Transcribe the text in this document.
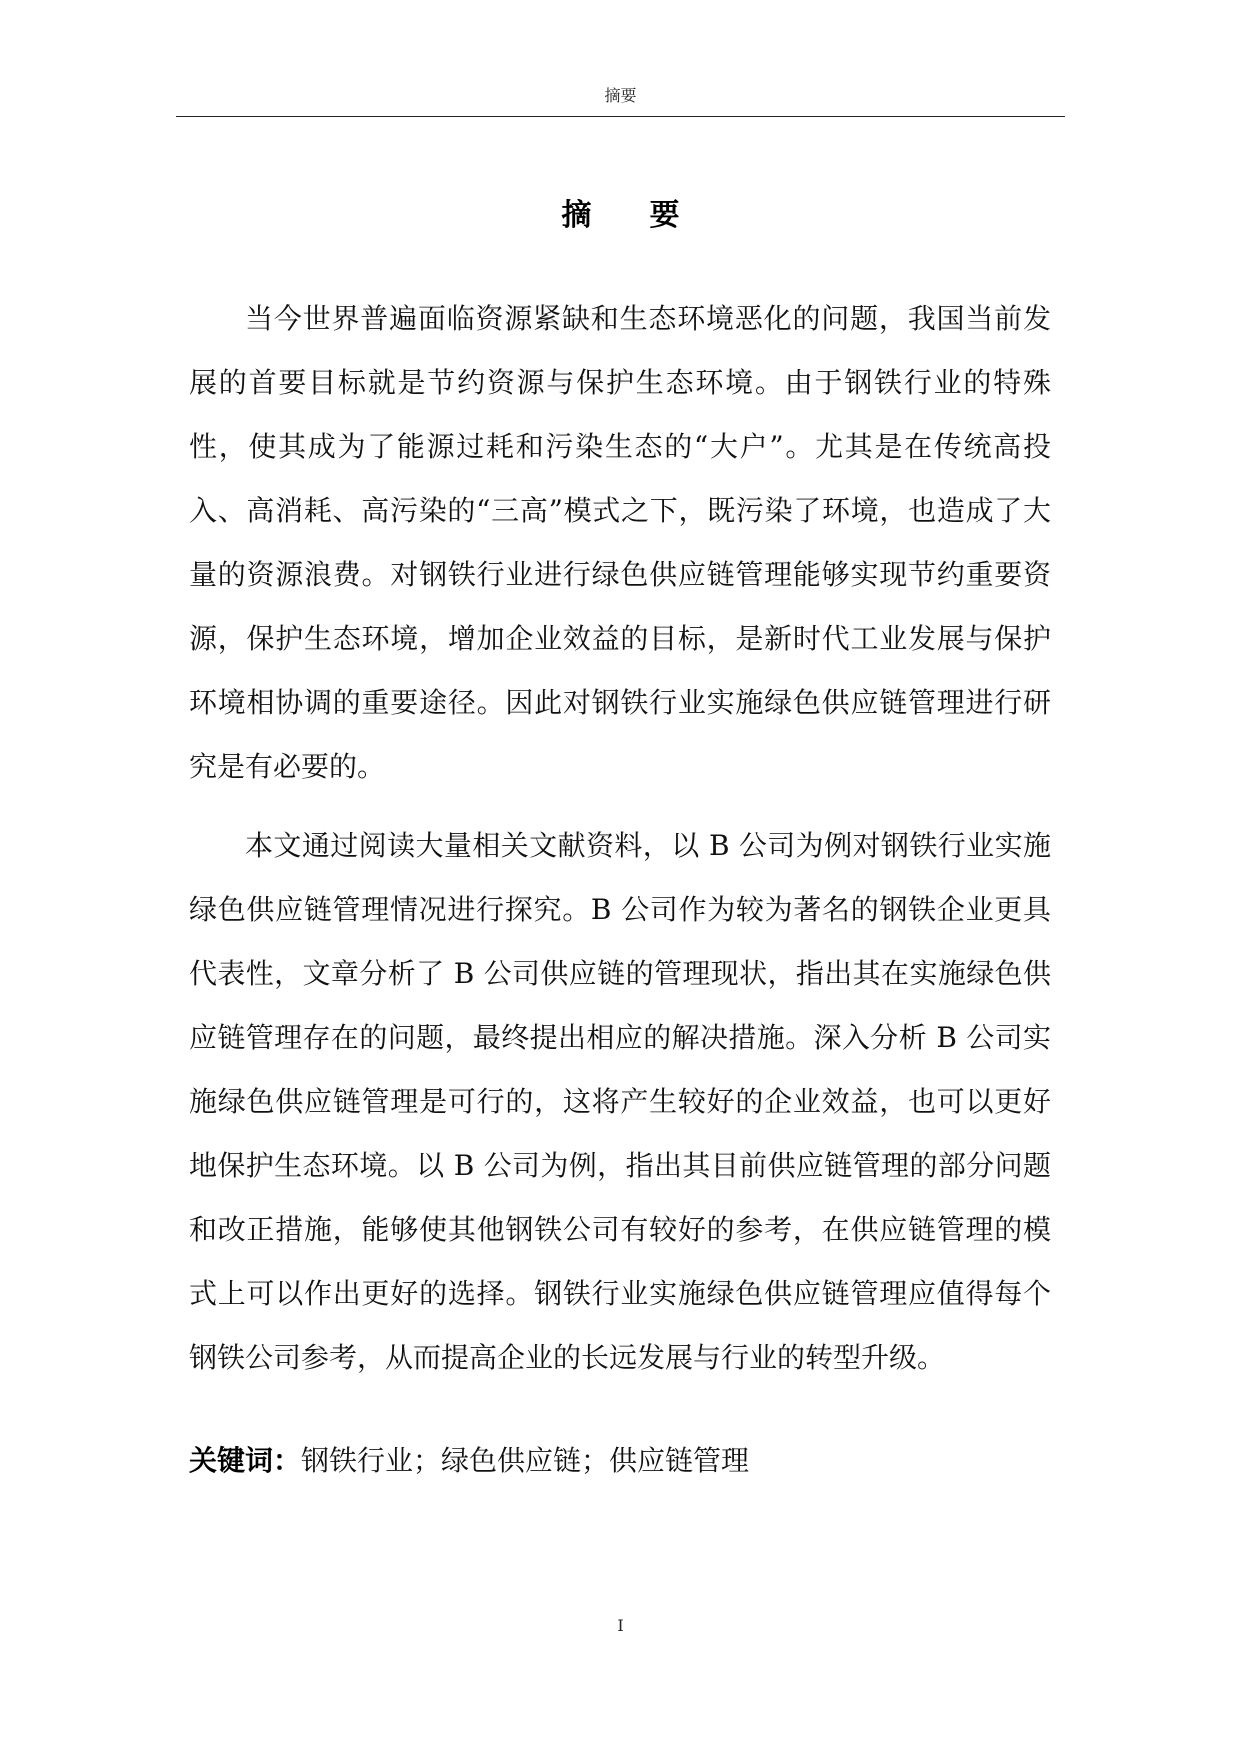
摘要
摘 要

当今世界普遍面临资源紧缺和生态环境恶化的问题，我国当前发展的首要目标就是节约资源与保护生态环境。由于钢铁行业的特殊性，使其成为了能源过耗和污染生态的“大户”。尤其是在传统高投入、高消耗、高污染的“三高”模式之下，既污染了环境，也造成了大量的资源浪费。对钢铁行业进行绿色供应链管理能够实现节约重要资源，保护生态环境，增加企业效益的目标，是新时代工业发展与保护环境相协调的重要途径。因此对钢铁行业实施绿色供应链管理进行研究是有必要的。

本文通过阅读大量相关文献资料，以 B 公司为例对钢铁行业实施绿色供应链管理情况进行探究。B 公司作为较为著名的钢铁企业更具代表性，文章分析了 B 公司供应链的管理现状，指出其在实施绿色供应链管理存在的问题，最终提出相应的解决措施。深入分析 B 公司实施绿色供应链管理是可行的，这将产生较好的企业效益，也可以更好地保护生态环境。以 B 公司为例，指出其目前供应链管理的部分问题和改正措施，能够使其他钢铁公司有较好的参考，在供应链管理的模式上可以作出更好的选择。钢铁行业实施绿色供应链管理应值得每个钢铁公司参考，从而提高企业的长远发展与行业的转型升级。

关键词：钢铁行业；绿色供应链；供应链管理

I
